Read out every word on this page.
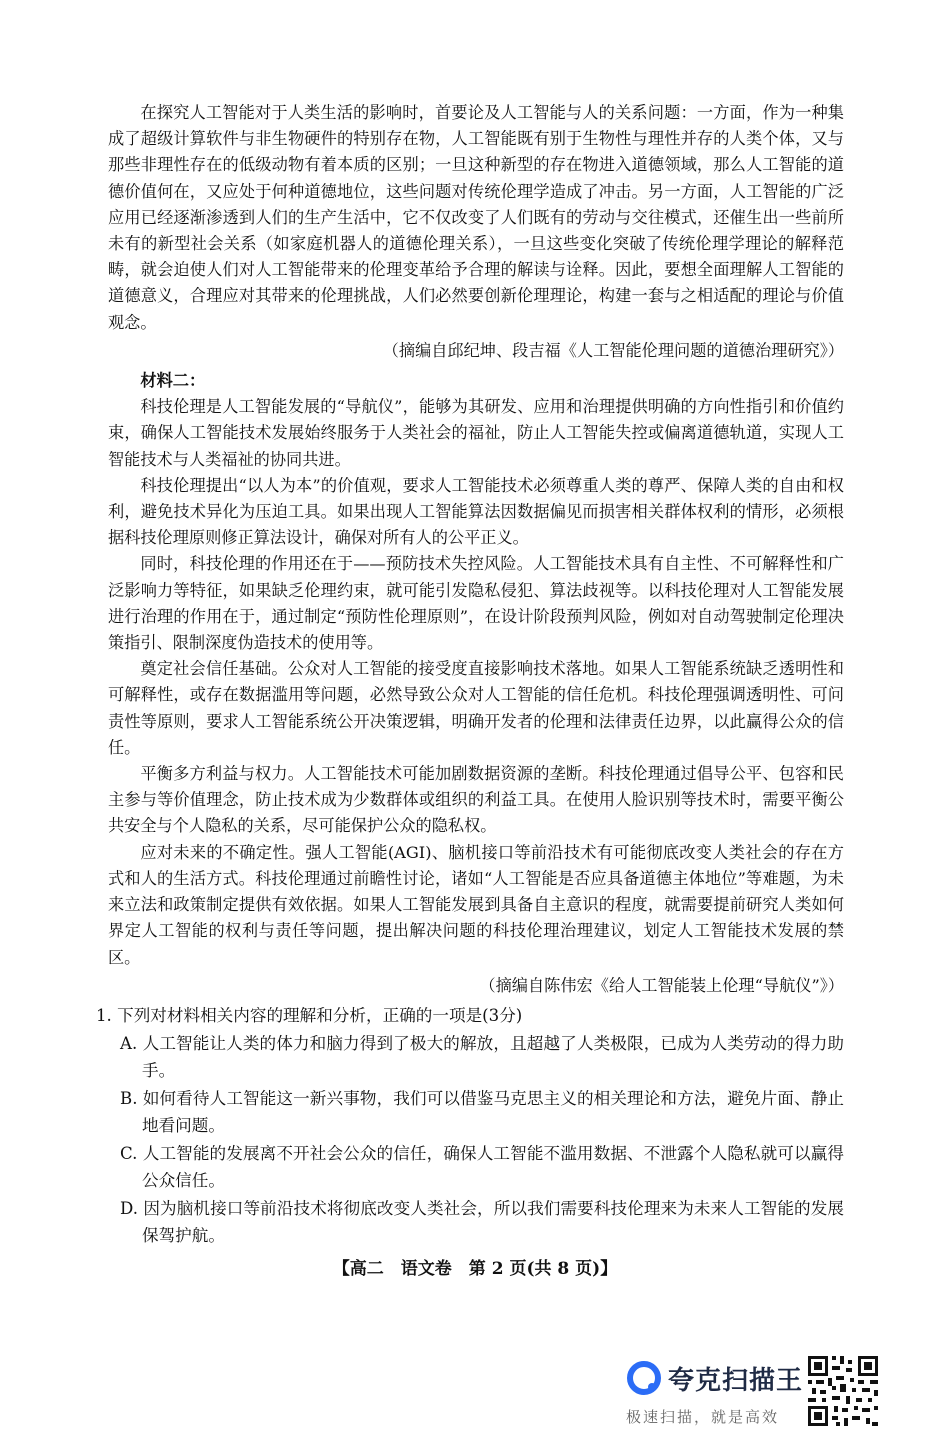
在探究人工智能对于人类生活的影响时，首要论及人工智能与人的关系问题：一方面，作为一种集成了超级计算软件与非生物硬件的特别存在物，人工智能既有别于生物性与理性并存的人类个体，又与那些非理性存在的低级动物有着本质的区别；一旦这种新型的存在物进入道德领域，那么人工智能的道德价值何在，又应处于何种道德地位，这些问题对传统伦理学造成了冲击。另一方面，人工智能的广泛应用已经逐渐渗透到人们的生产生活中，它不仅改变了人们既有的劳动与交往模式，还催生出一些前所未有的新型社会关系（如家庭机器人的道德伦理关系），一旦这些变化突破了传统伦理学理论的解释范畴，就会迫使人们对人工智能带来的伦理变革给予合理的解读与诠释。因此，要想全面理解人工智能的道德意义，合理应对其带来的伦理挑战，人们必然要创新伦理理论，构建一套与之相适配的理论与价值观念。

（摘编自邱纪坤、段吉福《人工智能伦理问题的道德治理研究》）

材料二：

科技伦理是人工智能发展的“导航仪”，能够为其研发、应用和治理提供明确的方向性指引和价值约束，确保人工智能技术发展始终服务于人类社会的福祉，防止人工智能失控或偏离道德轨道，实现人工智能技术与人类福祉的协同共进。

科技伦理提出“以人为本”的价值观，要求人工智能技术必须尊重人类的尊严、保障人类的自由和权利，避免技术异化为压迫工具。如果出现人工智能算法因数据偏见而损害相关群体权利的情形，必须根据科技伦理原则修正算法设计，确保对所有人的公平正义。

同时，科技伦理的作用还在于——预防技术失控风险。人工智能技术具有自主性、不可解释性和广泛影响力等特征，如果缺乏伦理约束，就可能引发隐私侵犯、算法歧视等。以科技伦理对人工智能发展进行治理的作用在于，通过制定“预防性伦理原则”，在设计阶段预判风险，例如对自动驾驶制定伦理决策指引、限制深度伪造技术的使用等。

奠定社会信任基础。公众对人工智能的接受度直接影响技术落地。如果人工智能系统缺乏透明性和可解释性，或存在数据滥用等问题，必然导致公众对人工智能的信任危机。科技伦理强调透明性、可问责性等原则，要求人工智能系统公开决策逻辑，明确开发者的伦理和法律责任边界，以此赢得公众的信任。

平衡多方利益与权力。人工智能技术可能加剧数据资源的垄断。科技伦理通过倡导公平、包容和民主参与等价值理念，防止技术成为少数群体或组织的利益工具。在使用人脸识别等技术时，需要平衡公共安全与个人隐私的关系，尽可能保护公众的隐私权。

应对未来的不确定性。强人工智能(AGI)、脑机接口等前沿技术有可能彻底改变人类社会的存在方式和人的生活方式。科技伦理通过前瞻性讨论，诸如“人工智能是否应具备道德主体地位”等难题，为未来立法和政策制定提供有效依据。如果人工智能发展到具备自主意识的程度，就需要提前研究人类如何界定人工智能的权利与责任等问题，提出解决问题的科技伦理治理建议，划定人工智能技术发展的禁区。

（摘编自陈伟宏《给人工智能装上伦理“导航仪”》）

1. 下列对材料相关内容的理解和分析，正确的一项是(3分)

A. 人工智能让人类的体力和脑力得到了极大的解放，且超越了人类极限，已成为人类劳动的得力助手。

B. 如何看待人工智能这一新兴事物，我们可以借鉴马克思主义的相关理论和方法，避免片面、静止地看问题。

C. 人工智能的发展离不开社会公众的信任，确保人工智能不滥用数据、不泄露个人隐私就可以赢得公众信任。

D. 因为脑机接口等前沿技术将彻底改变人类社会，所以我们需要科技伦理来为未来人工智能的发展保驾护航。

【高二　语文卷　第 2 页(共 8 页)】
夸克扫描王
极速扫描，就是高效
